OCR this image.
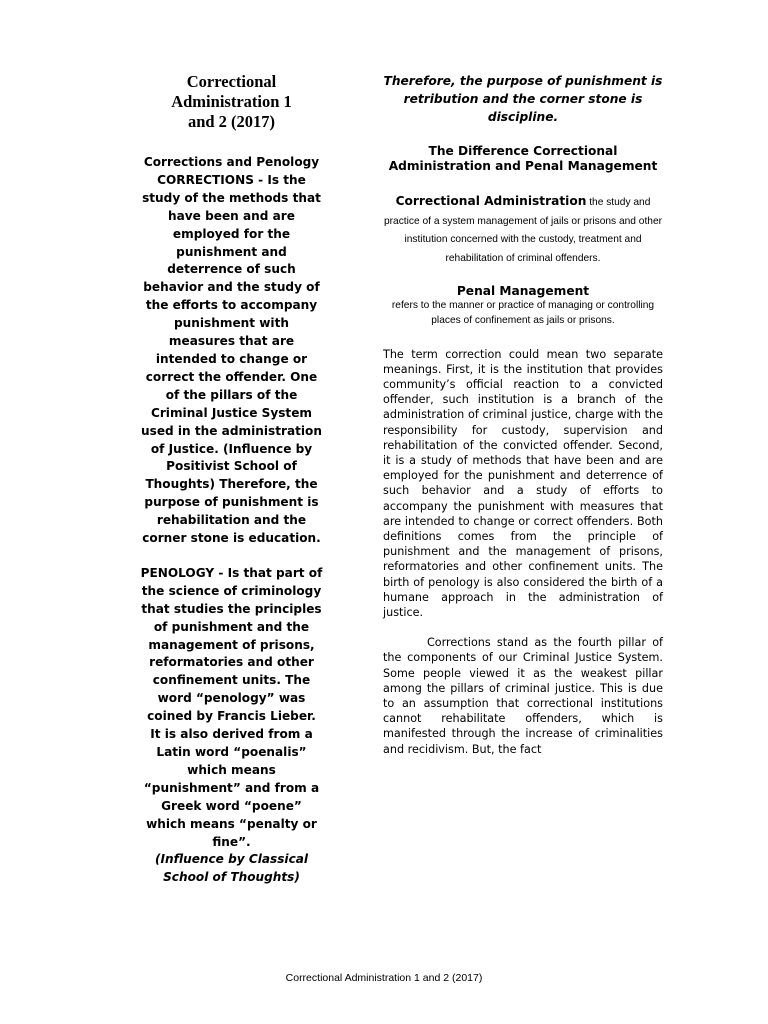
Correctional
Administration 1
and 2 (2017)

Corrections and Penology CORRECTIONS - Is the study of the methods that have been and are employed for the punishment and deterrence of such behavior and the study of the efforts to accompany punishment with measures that are intended to change or correct the offender. One of the pillars of the Criminal Justice System used in the administration of Justice. (Influence by Positivist School of Thoughts) Therefore, the purpose of punishment is rehabilitation and the corner stone is education.

PENOLOGY - Is that part of the science of criminology that studies the principles of punishment and the management of prisons, reformatories and other confinement units. The word “penology” was coined by Francis Lieber. It is also derived from a Latin word “poenalis” which means “punishment” and from a Greek word “poene” which means “penalty or fine”.

(Influence by Classical School of Thoughts)

Therefore, the purpose of punishment is retribution and the corner stone is discipline.

The Difference Correctional Administration and Penal Management
Correctional Administration the study and practice of a system management of jails or prisons and other institution concerned with the custody, treatment and rehabilitation of criminal offenders.
Penal Management
refers to the manner or practice of managing or controlling places of confinement as jails or prisons.

The term correction could mean two separate meanings. First, it is the institution that provides community’s official reaction to a convicted offender, such institution is a branch of the administration of criminal justice, charge with the responsibility for custody, supervision and rehabilitation of the convicted offender. Second, it is a study of methods that have been and are employed for the punishment and deterrence of such behavior and a study of efforts to accompany the punishment with measures that are intended to change or correct offenders. Both definitions comes from the principle of punishment and the management of prisons, reformatories and other confinement units. The birth of penology is also considered the birth of a humane approach in the administration of justice.

Corrections stand as the fourth pillar of the components of our Criminal Justice System. Some people viewed it as the weakest pillar among the pillars of criminal justice. This is due to an assumption that correctional institutions cannot rehabilitate offenders, which is manifested through the increase of criminalities and recidivism. But, the fact

Correctional Administration 1 and 2 (2017)
